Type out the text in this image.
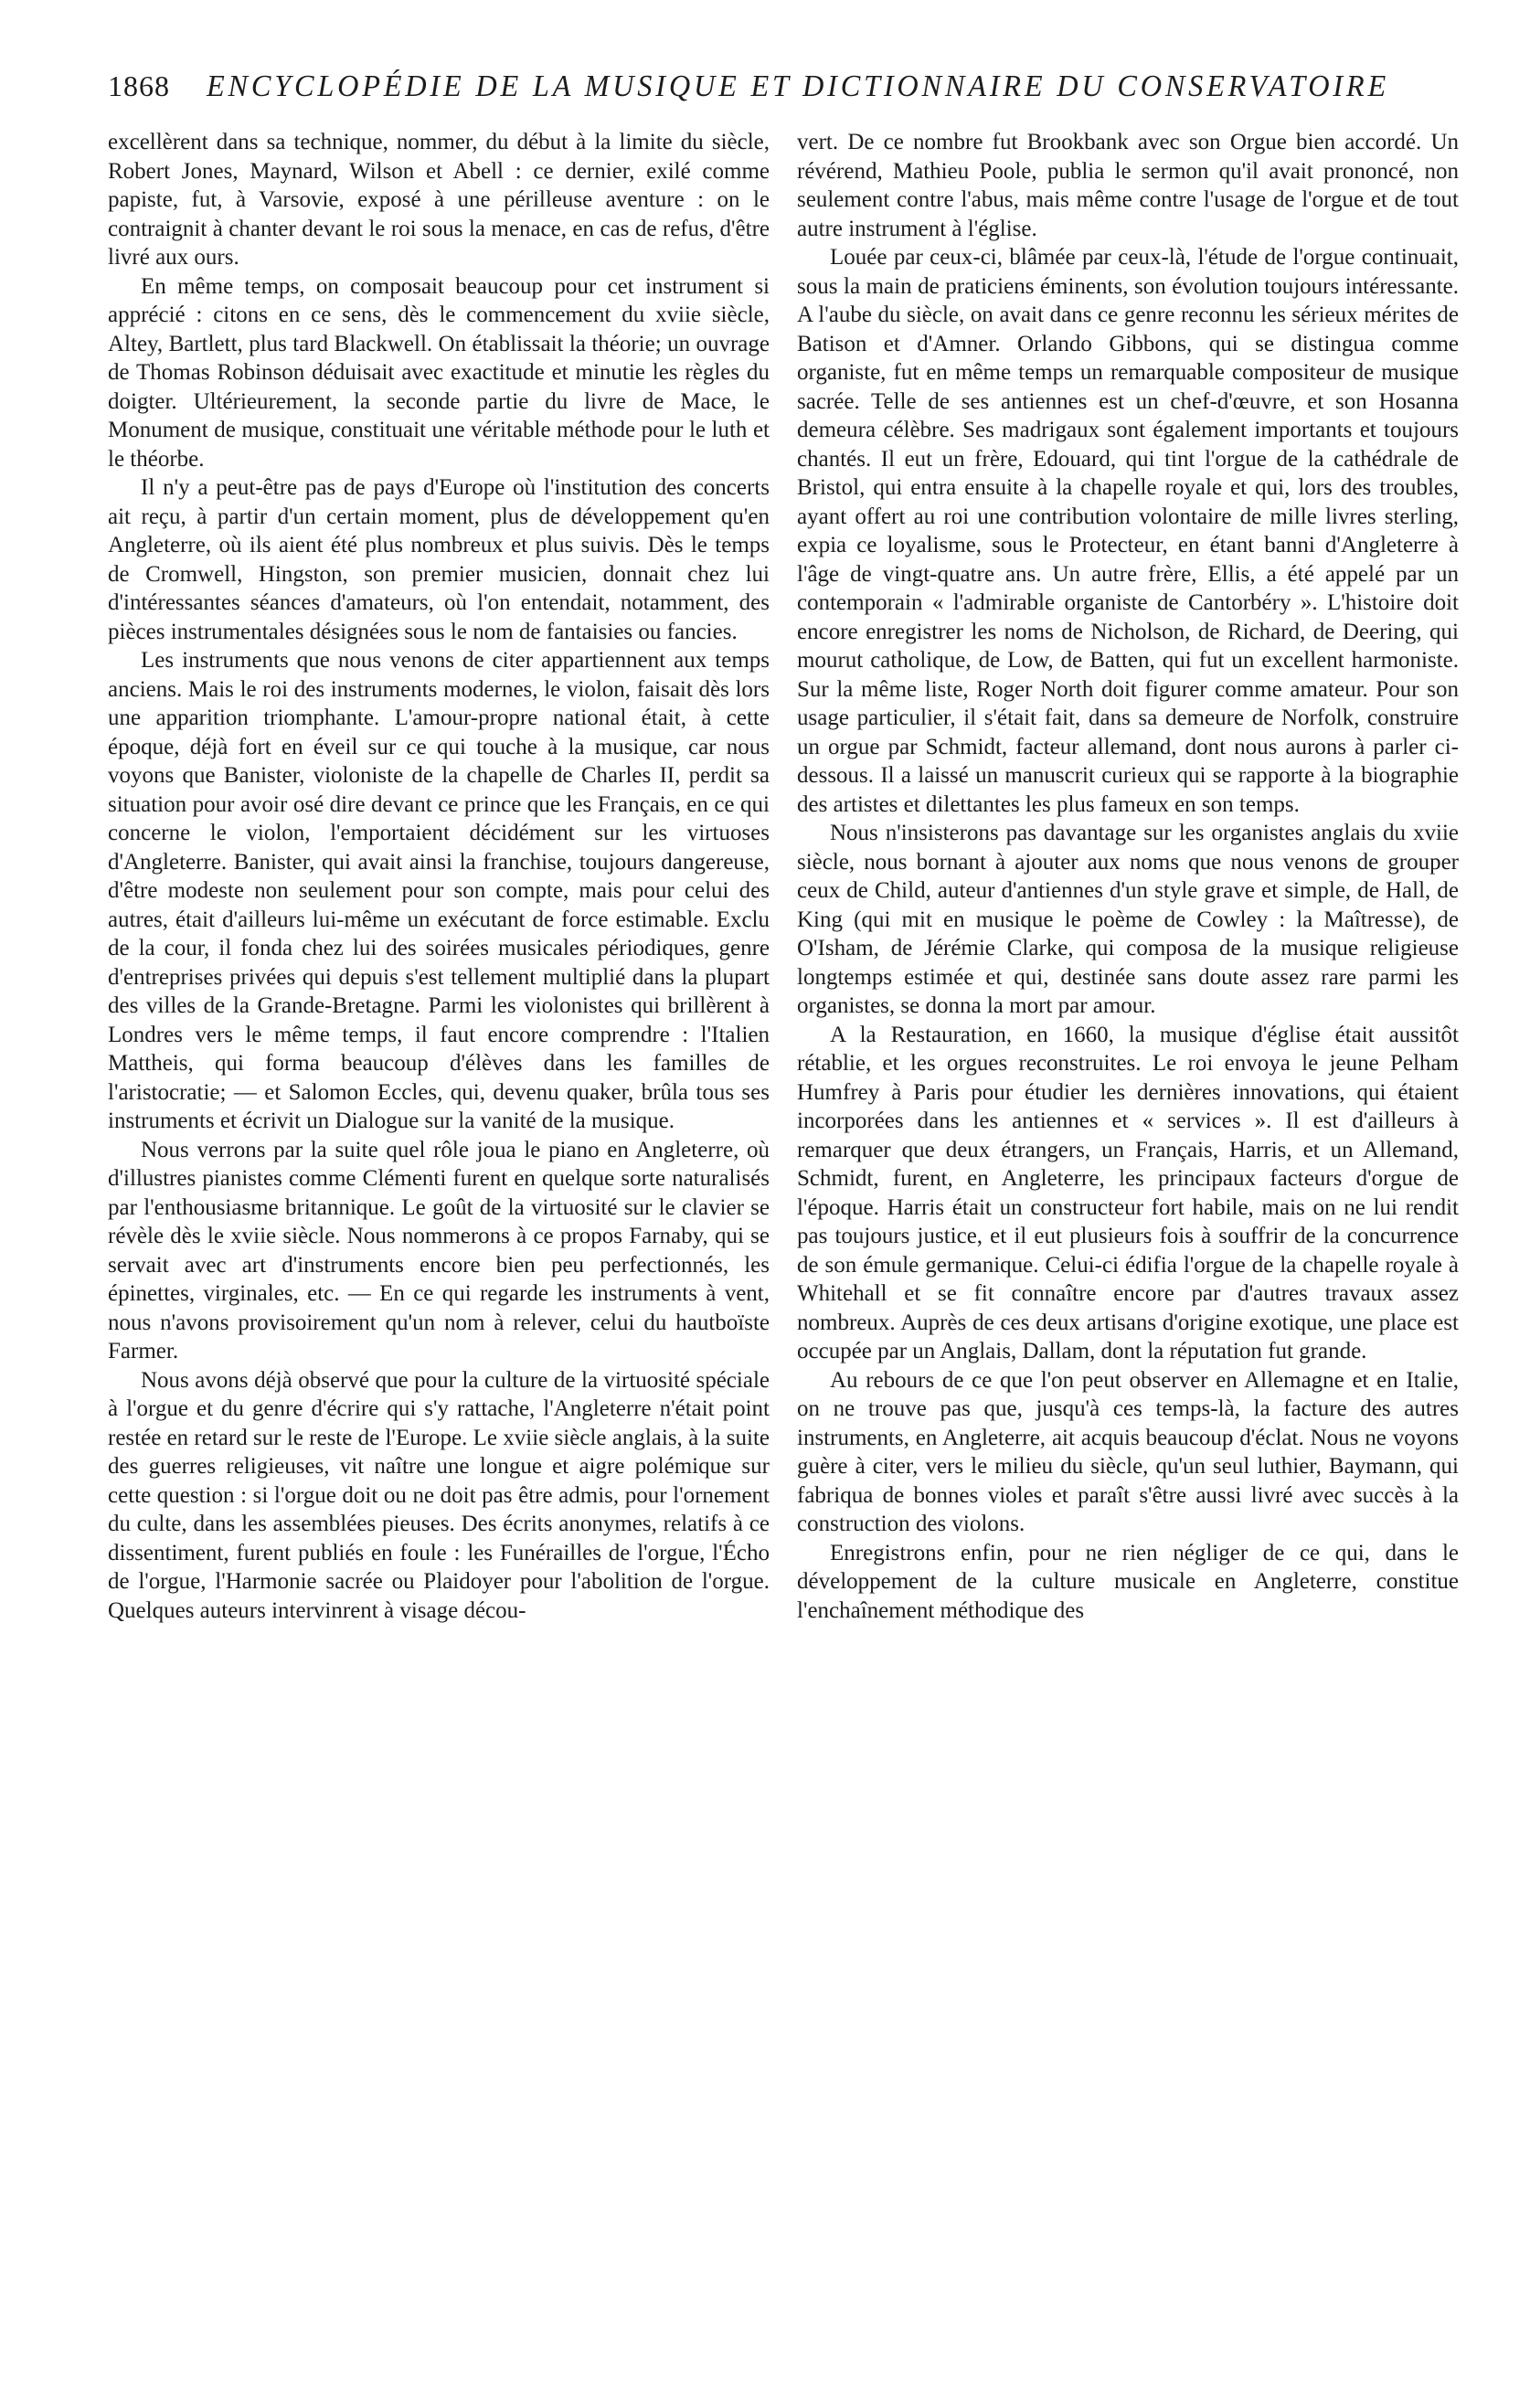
1868	ENCYCLOPÉDIE DE LA MUSIQUE ET DICTIONNAIRE DU CONSERVATOIRE

excellèrent dans sa technique, nommer, du début à la limite du siècle, Robert Jones, Maynard, Wilson et Abell : ce dernier, exilé comme papiste, fut, à Varsovie, exposé à une périlleuse aventure : on le contraignit à chanter devant le roi sous la menace, en cas de refus, d'être livré aux ours.

En même temps, on composait beaucoup pour cet instrument si apprécié : citons en ce sens, dès le commencement du xviie siècle, Altey, Bartlett, plus tard Blackwell. On établissait la théorie; un ouvrage de Thomas Robinson déduisait avec exactitude et minutie les règles du doigter. Ultérieurement, la seconde partie du livre de Mace, le Monument de musique, constituait une véritable méthode pour le luth et le théorbe.

Il n'y a peut-être pas de pays d'Europe où l'institution des concerts ait reçu, à partir d'un certain moment, plus de développement qu'en Angleterre, où ils aient été plus nombreux et plus suivis. Dès le temps de Cromwell, Hingston, son premier musicien, donnait chez lui d'intéressantes séances d'amateurs, où l'on entendait, notamment, des pièces instrumentales désignées sous le nom de fantaisies ou fancies.

Les instruments que nous venons de citer appartiennent aux temps anciens. Mais le roi des instruments modernes, le violon, faisait dès lors une apparition triomphante. L'amour-propre national était, à cette époque, déjà fort en éveil sur ce qui touche à la musique, car nous voyons que Banister, violoniste de la chapelle de Charles II, perdit sa situation pour avoir osé dire devant ce prince que les Français, en ce qui concerne le violon, l'emportaient décidément sur les virtuoses d'Angleterre. Banister, qui avait ainsi la franchise, toujours dangereuse, d'être modeste non seulement pour son compte, mais pour celui des autres, était d'ailleurs lui-même un exécutant de force estimable. Exclu de la cour, il fonda chez lui des soirées musicales périodiques, genre d'entreprises privées qui depuis s'est tellement multiplié dans la plupart des villes de la Grande-Bretagne. Parmi les violonistes qui brillèrent à Londres vers le même temps, il faut encore comprendre : l'Italien Mattheis, qui forma beaucoup d'élèves dans les familles de l'aristocratie; — et Salomon Eccles, qui, devenu quaker, brûla tous ses instruments et écrivit un Dialogue sur la vanité de la musique.

Nous verrons par la suite quel rôle joua le piano en Angleterre, où d'illustres pianistes comme Clémenti furent en quelque sorte naturalisés par l'enthousiasme britannique. Le goût de la virtuosité sur le clavier se révèle dès le xviie siècle. Nous nommerons à ce propos Farnaby, qui se servait avec art d'instruments encore bien peu perfectionnés, les épinettes, virginales, etc. — En ce qui regarde les instruments à vent, nous n'avons provisoirement qu'un nom à relever, celui du hautboïste Farmer.

Nous avons déjà observé que pour la culture de la virtuosité spéciale à l'orgue et du genre d'écrire qui s'y rattache, l'Angleterre n'était point restée en retard sur le reste de l'Europe. Le xviie siècle anglais, à la suite des guerres religieuses, vit naître une longue et aigre polémique sur cette question : si l'orgue doit ou ne doit pas être admis, pour l'ornement du culte, dans les assemblées pieuses. Des écrits anonymes, relatifs à ce dissentiment, furent publiés en foule : les Funérailles de l'orgue, l'Écho de l'orgue, l'Harmonie sacrée ou Plaidoyer pour l'abolition de l'orgue. Quelques auteurs intervinrent à visage décou-

vert. De ce nombre fut Brookbank avec son Orgue bien accordé. Un révérend, Mathieu Poole, publia le sermon qu'il avait prononcé, non seulement contre l'abus, mais même contre l'usage de l'orgue et de tout autre instrument à l'église.

Louée par ceux-ci, blâmée par ceux-là, l'étude de l'orgue continuait, sous la main de praticiens éminents, son évolution toujours intéressante. A l'aube du siècle, on avait dans ce genre reconnu les sérieux mérites de Batison et d'Amner. Orlando Gibbons, qui se distingua comme organiste, fut en même temps un remarquable compositeur de musique sacrée. Telle de ses antiennes est un chef-d'œuvre, et son Hosanna demeura célèbre. Ses madrigaux sont également importants et toujours chantés. Il eut un frère, Edouard, qui tint l'orgue de la cathédrale de Bristol, qui entra ensuite à la chapelle royale et qui, lors des troubles, ayant offert au roi une contribution volontaire de mille livres sterling, expia ce loyalisme, sous le Protecteur, en étant banni d'Angleterre à l'âge de vingt-quatre ans. Un autre frère, Ellis, a été appelé par un contemporain « l'admirable organiste de Cantorbéry ». L'histoire doit encore enregistrer les noms de Nicholson, de Richard, de Deering, qui mourut catholique, de Low, de Batten, qui fut un excellent harmoniste. Sur la même liste, Roger North doit figurer comme amateur. Pour son usage particulier, il s'était fait, dans sa demeure de Norfolk, construire un orgue par Schmidt, facteur allemand, dont nous aurons à parler ci-dessous. Il a laissé un manuscrit curieux qui se rapporte à la biographie des artistes et dilettantes les plus fameux en son temps.

Nous n'insisterons pas davantage sur les organistes anglais du xviie siècle, nous bornant à ajouter aux noms que nous venons de grouper ceux de Child, auteur d'antiennes d'un style grave et simple, de Hall, de King (qui mit en musique le poème de Cowley : la Maîtresse), de O'Isham, de Jérémie Clarke, qui composa de la musique religieuse longtemps estimée et qui, destinée sans doute assez rare parmi les organistes, se donna la mort par amour.

A la Restauration, en 1660, la musique d'église était aussitôt rétablie, et les orgues reconstruites. Le roi envoya le jeune Pelham Humfrey à Paris pour étudier les dernières innovations, qui étaient incorporées dans les antiennes et « services ». Il est d'ailleurs à remarquer que deux étrangers, un Français, Harris, et un Allemand, Schmidt, furent, en Angleterre, les principaux facteurs d'orgue de l'époque. Harris était un constructeur fort habile, mais on ne lui rendit pas toujours justice, et il eut plusieurs fois à souffrir de la concurrence de son émule germanique. Celui-ci édifia l'orgue de la chapelle royale à Whitehall et se fit connaître encore par d'autres travaux assez nombreux. Auprès de ces deux artisans d'origine exotique, une place est occupée par un Anglais, Dallam, dont la réputation fut grande.

Au rebours de ce que l'on peut observer en Allemagne et en Italie, on ne trouve pas que, jusqu'à ces temps-là, la facture des autres instruments, en Angleterre, ait acquis beaucoup d'éclat. Nous ne voyons guère à citer, vers le milieu du siècle, qu'un seul luthier, Baymann, qui fabriqua de bonnes violes et paraît s'être aussi livré avec succès à la construction des violons.

Enregistrons enfin, pour ne rien négliger de ce qui, dans le développement de la culture musicale en Angleterre, constitue l'enchaînement méthodique des
